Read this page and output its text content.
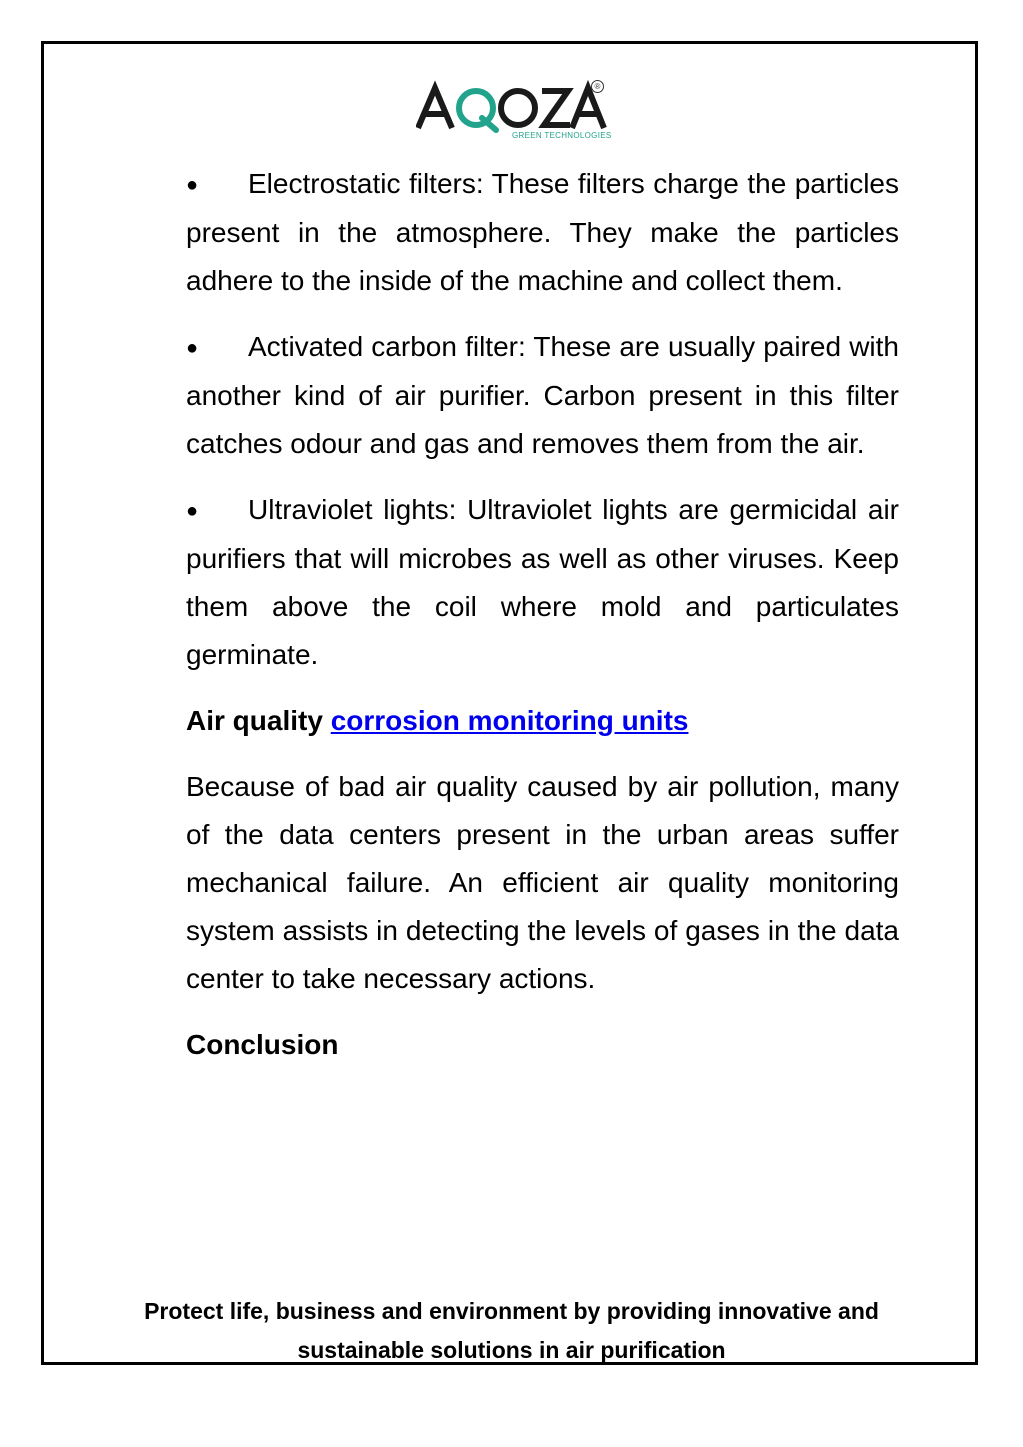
®
GREEN TECHNOLOGIES

● Electrostatic filters: These filters charge the particles present in the atmosphere. They make the particles adhere to the inside of the machine and collect them.

● Activated carbon filter: These are usually paired with another kind of air purifier. Carbon present in this filter catches odour and gas and removes them from the air.

● Ultraviolet lights: Ultraviolet lights are germicidal air purifiers that will microbes as well as other viruses. Keep them above the coil where mold and particulates germinate.

Air quality corrosion monitoring units

Because of bad air quality caused by air pollution, many of the data centers present in the urban areas suffer mechanical failure. An efficient air quality monitoring system assists in detecting the levels of gases in the data center to take necessary actions.

Conclusion

Protect life, business and environment by providing innovative and
sustainable solutions in air purification
